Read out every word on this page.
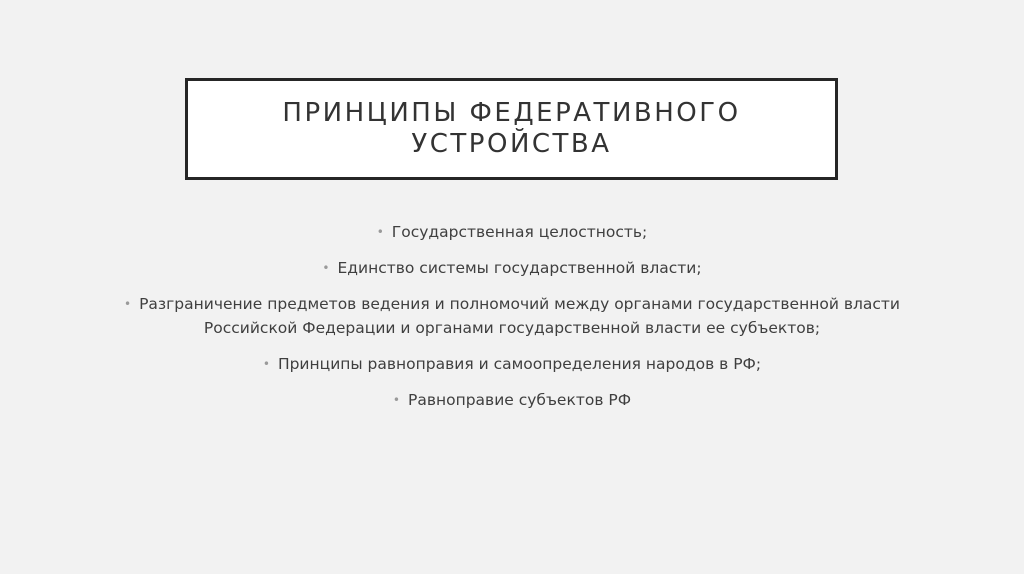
ПРИНЦИПЫ ФЕДЕРАТИВНОГО УСТРОЙСТВА
• Государственная целостность;
• Единство системы государственной власти;
• Разграничение предметов ведения и полномочий между органами государственной власти Российской Федерации и органами государственной власти ее субъектов;
• Принципы равноправия и самоопределения народов в РФ;
• Равноправие субъектов РФ
